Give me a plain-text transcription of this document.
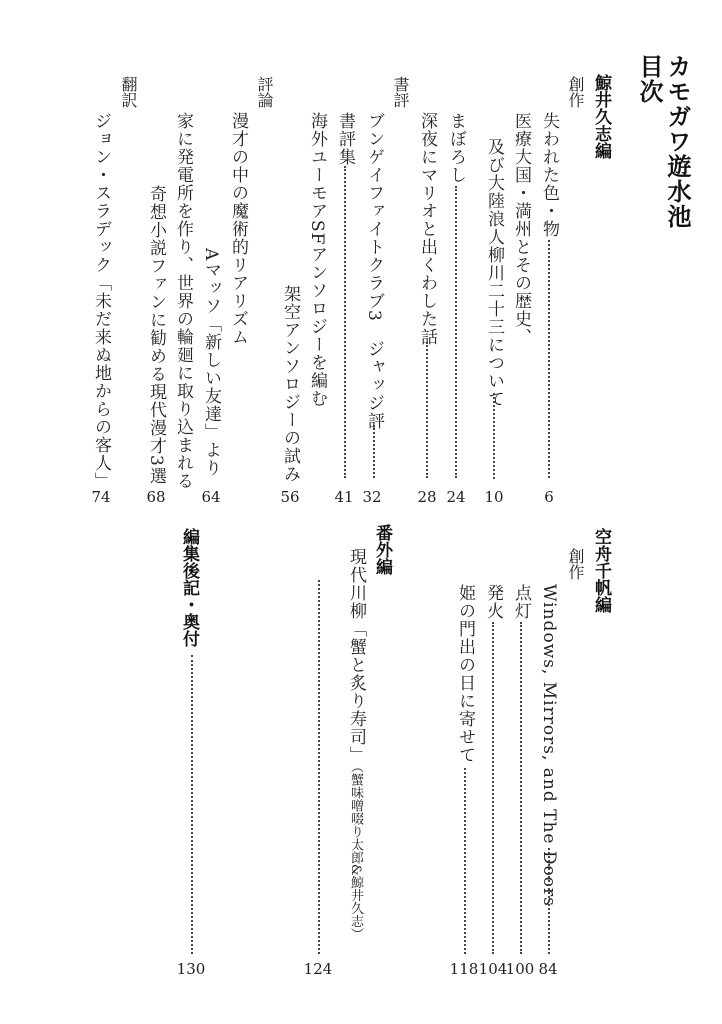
カモガワ遊水池
目次
鯨井久志編
創作
失われた色・物
6
医療大国・満州とその歴史、
及び大陸浪人柳川二十三について
10
まぼろし
24
深夜にマリオと出くわした話
28
書評
ブンゲイファイトクラブ3　ジャッジ評
32
書評集
41
海外ユーモアSFアンソロジーを編む
架空アンソロジーの試み
56
評論
漫才の中の魔術的リアリズム
Aマッソ「新しい友達」より
64
家に発電所を作り、世界の輪廻に取り込まれる
奇想小説ファンに勧める現代漫才3選
68
翻訳
ジョン・スラデック「未だ来ぬ地からの客人」
74
空舟千帆編
創作
Windows, Mirrors, and The Doors
84
点灯
100
発火
104
姫の門出の日に寄せて
118
番外編
現代川柳「蟹と炙り寿司」
（蟹味噌啜り太郎&鯨井久志）
124
編集後記・奥付
130
